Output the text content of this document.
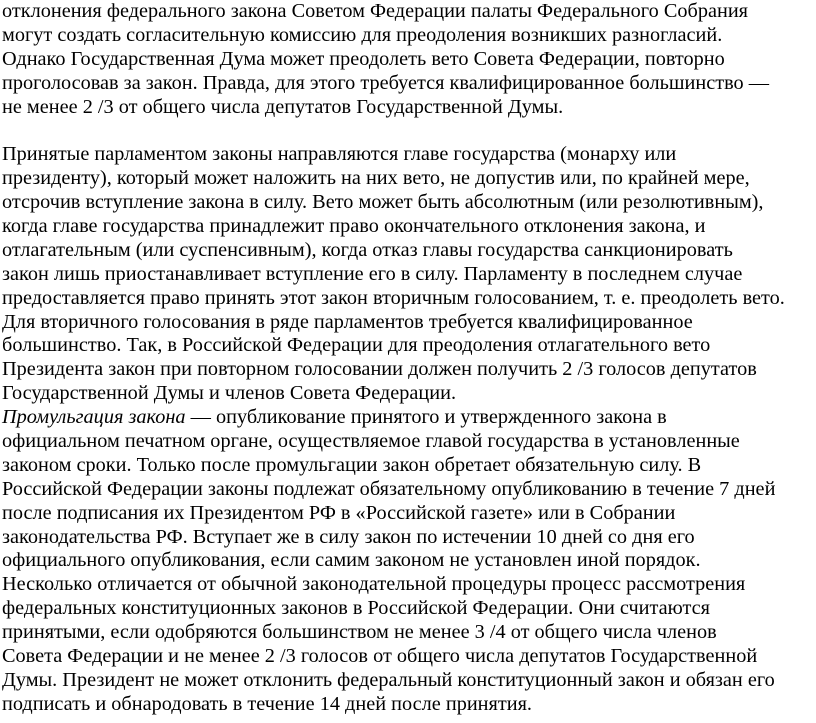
отклонения федерального закона Советом Федерации палаты Федерального Собрания
могут создать согласительную комиссию для преодоления возникших разногласий.
Однако Государственная Дума может преодолеть вето Совета Федерации, повторно
проголосовав за закон. Правда, для этого требуется квалифицированное большинство —
не менее 2 /3 от общего числа депутатов Государственной Думы.
Принятые парламентом законы направляются главе государства (монарху или
президенту), который может наложить на них вето, не допустив или, по крайней мере,
отсрочив вступление закона в силу. Вето может быть абсолютным (или резолютивным),
когда главе государства принадлежит право окончательного отклонения закона, и
отлагательным (или суспенсивным), когда отказ главы государства санкционировать
закон лишь приостанавливает вступление его в силу. Парламенту в последнем случае
предоставляется право принять этот закон вторичным голосованием, т. е. преодолеть вето.
Для вторичного голосования в ряде парламентов требуется квалифицированное
большинство. Так, в Российской Федерации для преодоления отлагательного вето
Президента закон при повторном голосовании должен получить 2 /3 голосов депутатов
Государственной Думы и членов Совета Федерации.
Промульгация закона — опубликование принятого и утвержденного закона в
официальном печатном органе, осуществляемое главой государства в установленные
законом сроки. Только после промульгации закон обретает обязательную силу. В
Российской Федерации законы подлежат обязательному опубликованию в течение 7 дней
после подписания их Президентом РФ в «Российской газете» или в Собрании
законодательства РФ. Вступает же в силу закон по истечении 10 дней со дня его
официального опубликования, если самим законом не установлен иной порядок.
Несколько отличается от обычной законодательной процедуры процесс рассмотрения
федеральных конституционных законов в Российской Федерации. Они считаются
принятыми, если одобряются большинством не менее 3 /4 от общего числа членов
Совета Федерации и не менее 2 /3 голосов от общего числа депутатов Государственной
Думы. Президент не может отклонить федеральный конституционный закон и обязан его
подписать и обнародовать в течение 14 дней после принятия.
